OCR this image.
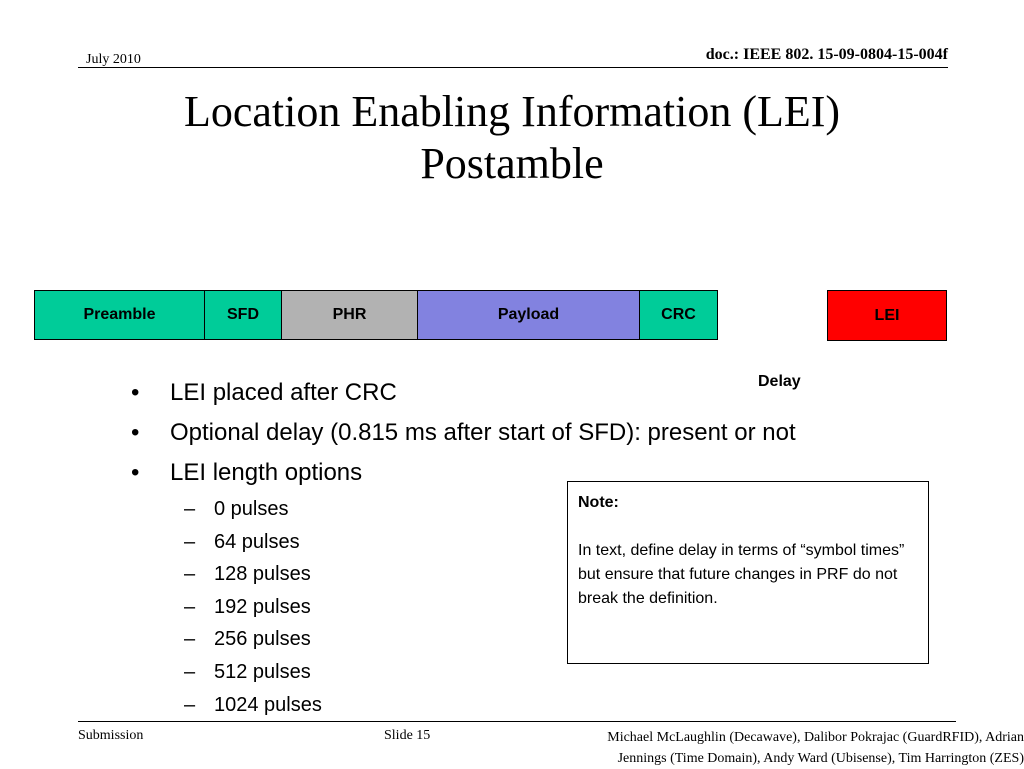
July 2010	doc.: IEEE 802. 15-09-0804-15-004f
Location Enabling Information (LEI)
Postamble
Preamble	SFD	PHR	Payload	CRC	LEI
Delay
• LEI placed after CRC
• Optional delay (0.815 ms after start of SFD): present or not
• LEI length options
– 0 pulses
– 64 pulses
– 128 pulses
– 192 pulses
– 256 pulses
– 512 pulses
– 1024 pulses
Note:
In text, define delay in terms of “symbol times” but ensure that future changes in PRF do not break the definition.
Submission	Slide 15	Michael McLaughlin (Decawave), Dalibor Pokrajac (GuardRFID), Adrian
Jennings (Time Domain), Andy Ward (Ubisense), Tim Harrington (ZES)
